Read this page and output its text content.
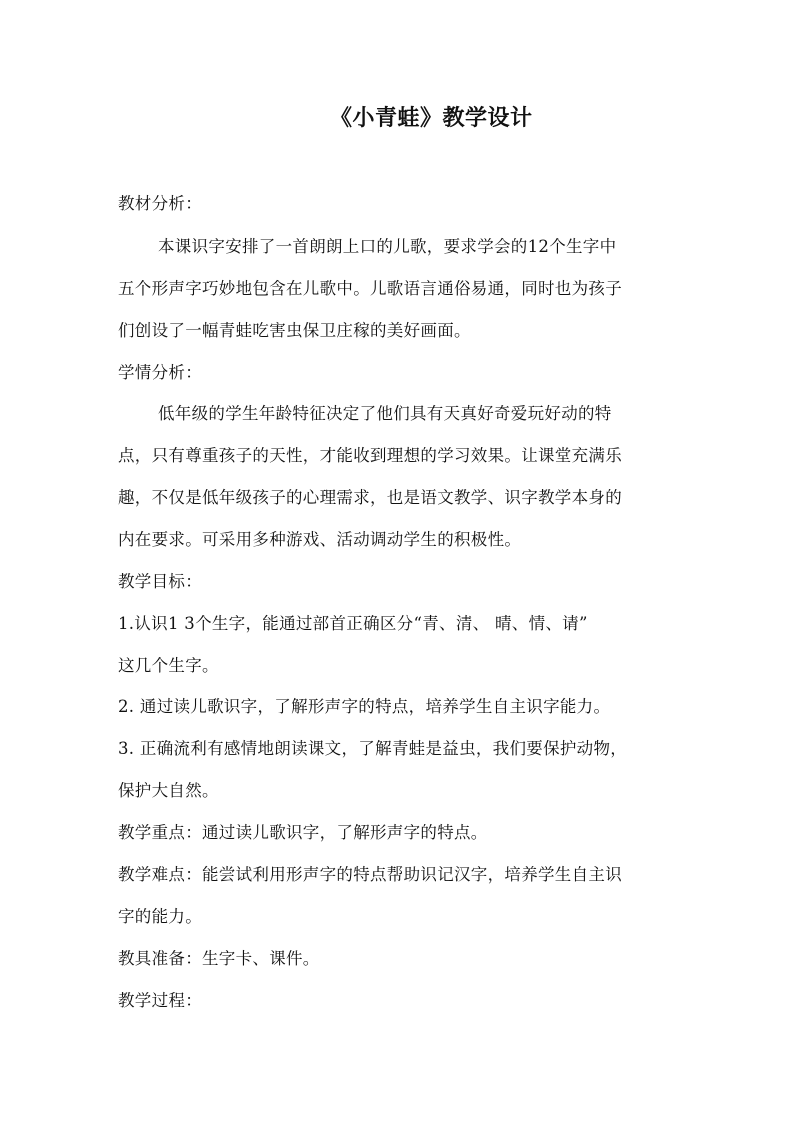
《小青蛙》教学设计
教材分析：
本课识字安排了一首朗朗上口的儿歌，要求学会的12个生字中
五个形声字巧妙地包含在儿歌中。儿歌语言通俗易通，同时也为孩子
们创设了一幅青蛙吃害虫保卫庄稼的美好画面。
学情分析：
低年级的学生年龄特征决定了他们具有天真好奇爱玩好动的特
点，只有尊重孩子的天性，才能收到理想的学习效果。让课堂充满乐
趣，不仅是低年级孩子的心理需求，也是语文教学、识字教学本身的
内在要求。可采用多种游戏、活动调动学生的积极性。
教学目标：
1.认识1 3个生字，能通过部首正确区分“青、清、 晴、情、请”
这几个生字。
2. 通过读儿歌识字，了解形声字的特点，培养学生自主识字能力。
3. 正确流利有感情地朗读课文，了解青蛙是益虫，我们要保护动物，
保护大自然。
教学重点：通过读儿歌识字，了解形声字的特点。
教学难点：能尝试利用形声字的特点帮助识记汉字，培养学生自主识
字的能力。
教具准备：生字卡、课件。
教学过程：
